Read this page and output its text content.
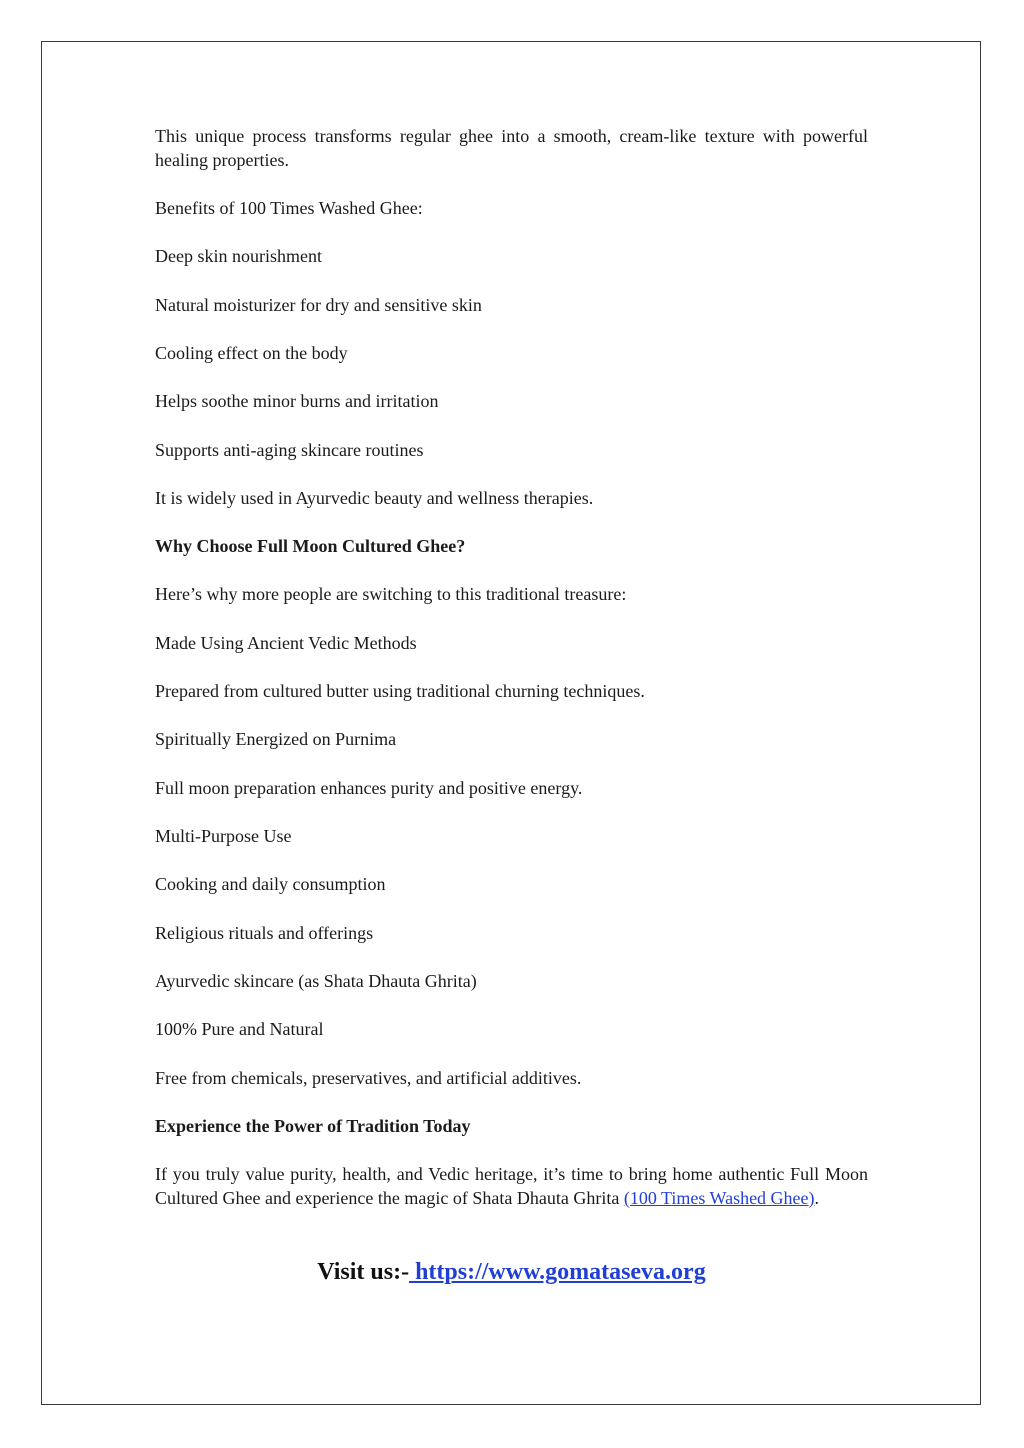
This unique process transforms regular ghee into a smooth, cream-like texture with powerful healing properties.

Benefits of 100 Times Washed Ghee:

Deep skin nourishment

Natural moisturizer for dry and sensitive skin

Cooling effect on the body

Helps soothe minor burns and irritation

Supports anti-aging skincare routines

It is widely used in Ayurvedic beauty and wellness therapies.

Why Choose Full Moon Cultured Ghee?

Here’s why more people are switching to this traditional treasure:

Made Using Ancient Vedic Methods

Prepared from cultured butter using traditional churning techniques.

Spiritually Energized on Purnima

Full moon preparation enhances purity and positive energy.

Multi-Purpose Use

Cooking and daily consumption

Religious rituals and offerings

Ayurvedic skincare (as Shata Dhauta Ghrita)

100% Pure and Natural

Free from chemicals, preservatives, and artificial additives.

Experience the Power of Tradition Today

If you truly value purity, health, and Vedic heritage, it’s time to bring home authentic Full Moon Cultured Ghee and experience the magic of Shata Dhauta Ghrita (100 Times Washed Ghee).

Visit us:- https://www.gomataseva.org
